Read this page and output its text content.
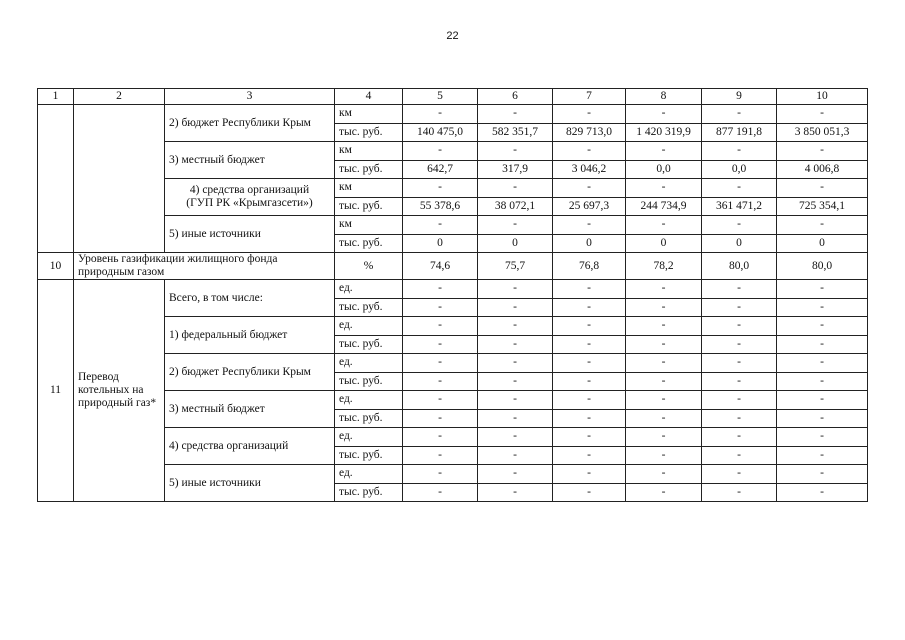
22
1	2	3	4	5	6	7	8	9	10
		2) бюджет Республики Крым	км	-	-	-	-	-	-
			тыс. руб.	140 475,0	582 351,7	829 713,0	1 420 319,9	877 191,8	3 850 051,3
		3) местный бюджет	км	-	-	-	-	-	-
			тыс. руб.	642,7	317,9	3 046,2	0,0	0,0	4 006,8
		4) средства организаций
(ГУП РК «Крымгазсети»)	км	-	-	-	-	-	-
			тыс. руб.	55 378,6	38 072,1	25 697,3	244 734,9	361 471,2	725 354,1
		5) иные источники	км	-	-	-	-	-	-
			тыс. руб.	0	0	0	0	0	0
10	Уровень газификации жилищного фонда природным газом		%	74,6	75,7	76,8	78,2	80,0	80,0
11	Перевод котельных на природный газ*	Всего, в том числе:	ед.	-	-	-	-	-	-
			тыс. руб.	-	-	-	-	-	-
		1) федеральный бюджет	ед.	-	-	-	-	-	-
			тыс. руб.	-	-	-	-	-	-
		2) бюджет Республики Крым	ед.	-	-	-	-	-	-
			тыс. руб.	-	-	-	-	-	-
		3) местный бюджет	ед.	-	-	-	-	-	-
			тыс. руб.	-	-	-	-	-	-
		4) средства организаций	ед.	-	-	-	-	-	-
			тыс. руб.	-	-	-	-	-	-
		5) иные источники	ед.	-	-	-	-	-	-
			тыс. руб.	-	-	-	-	-	-
